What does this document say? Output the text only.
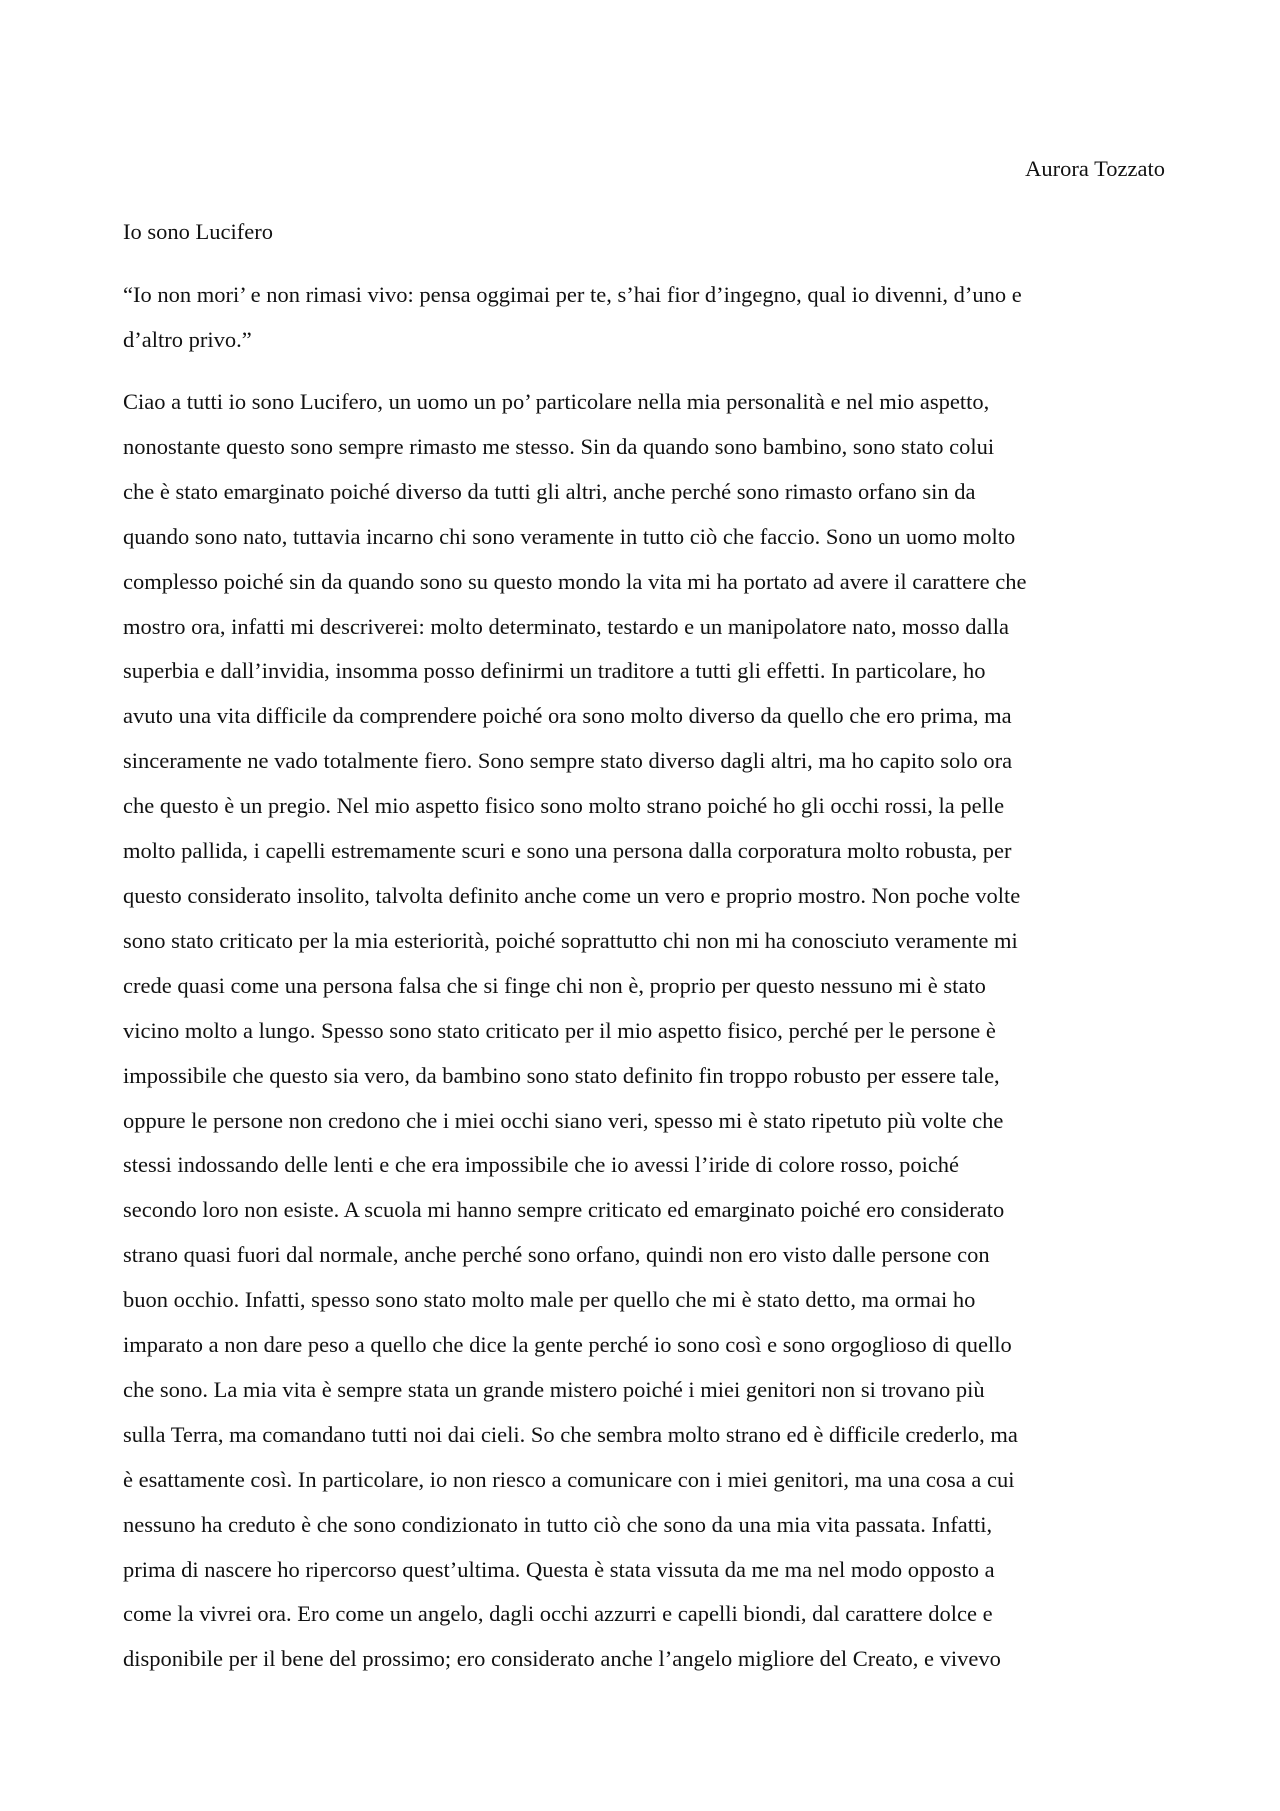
Aurora Tozzato
Io sono Lucifero
“Io non mori’ e non rimasi vivo: pensa oggimai per te, s’hai fior d’ingegno, qual io divenni, d’uno e
d’altro privo.”
Ciao a tutti io sono Lucifero, un uomo un po’ particolare nella mia personalità e nel mio aspetto,
nonostante questo sono sempre rimasto me stesso. Sin da quando sono bambino, sono stato colui
che è stato emarginato poiché diverso da tutti gli altri, anche perché sono rimasto orfano sin da
quando sono nato, tuttavia incarno chi sono veramente in tutto ciò che faccio. Sono un uomo molto
complesso poiché sin da quando sono su questo mondo la vita mi ha portato ad avere il carattere che
mostro ora, infatti mi descriverei: molto determinato, testardo e un manipolatore nato, mosso dalla
superbia e dall’invidia, insomma posso definirmi un traditore a tutti gli effetti. In particolare, ho
avuto una vita difficile da comprendere poiché ora sono molto diverso da quello che ero prima, ma
sinceramente ne vado totalmente fiero. Sono sempre stato diverso dagli altri, ma ho capito solo ora
che questo è un pregio. Nel mio aspetto fisico sono molto strano poiché ho gli occhi rossi, la pelle
molto pallida, i capelli estremamente scuri e sono una persona dalla corporatura molto robusta, per
questo considerato insolito, talvolta definito anche come un vero e proprio mostro. Non poche volte
sono stato criticato per la mia esteriorità, poiché soprattutto chi non mi ha conosciuto veramente mi
crede quasi come una persona falsa che si finge chi non è, proprio per questo nessuno mi è stato
vicino molto a lungo. Spesso sono stato criticato per il mio aspetto fisico, perché per le persone è
impossibile che questo sia vero, da bambino sono stato definito fin troppo robusto per essere tale,
oppure le persone non credono che i miei occhi siano veri, spesso mi è stato ripetuto più volte che
stessi indossando delle lenti e che era impossibile che io avessi l’iride di colore rosso, poiché
secondo loro non esiste. A scuola mi hanno sempre criticato ed emarginato poiché ero considerato
strano quasi fuori dal normale, anche perché sono orfano, quindi non ero visto dalle persone con
buon occhio. Infatti, spesso sono stato molto male per quello che mi è stato detto, ma ormai ho
imparato a non dare peso a quello che dice la gente perché io sono così e sono orgoglioso di quello
che sono. La mia vita è sempre stata un grande mistero poiché i miei genitori non si trovano più
sulla Terra, ma comandano tutti noi dai cieli. So che sembra molto strano ed è difficile crederlo, ma
è esattamente così. In particolare, io non riesco a comunicare con i miei genitori, ma una cosa a cui
nessuno ha creduto è che sono condizionato in tutto ciò che sono da una mia vita passata. Infatti,
prima di nascere ho ripercorso quest’ultima. Questa è stata vissuta da me ma nel modo opposto a
come la vivrei ora. Ero come un angelo, dagli occhi azzurri e capelli biondi, dal carattere dolce e
disponibile per il bene del prossimo; ero considerato anche l’angelo migliore del Creato, e vivevo
